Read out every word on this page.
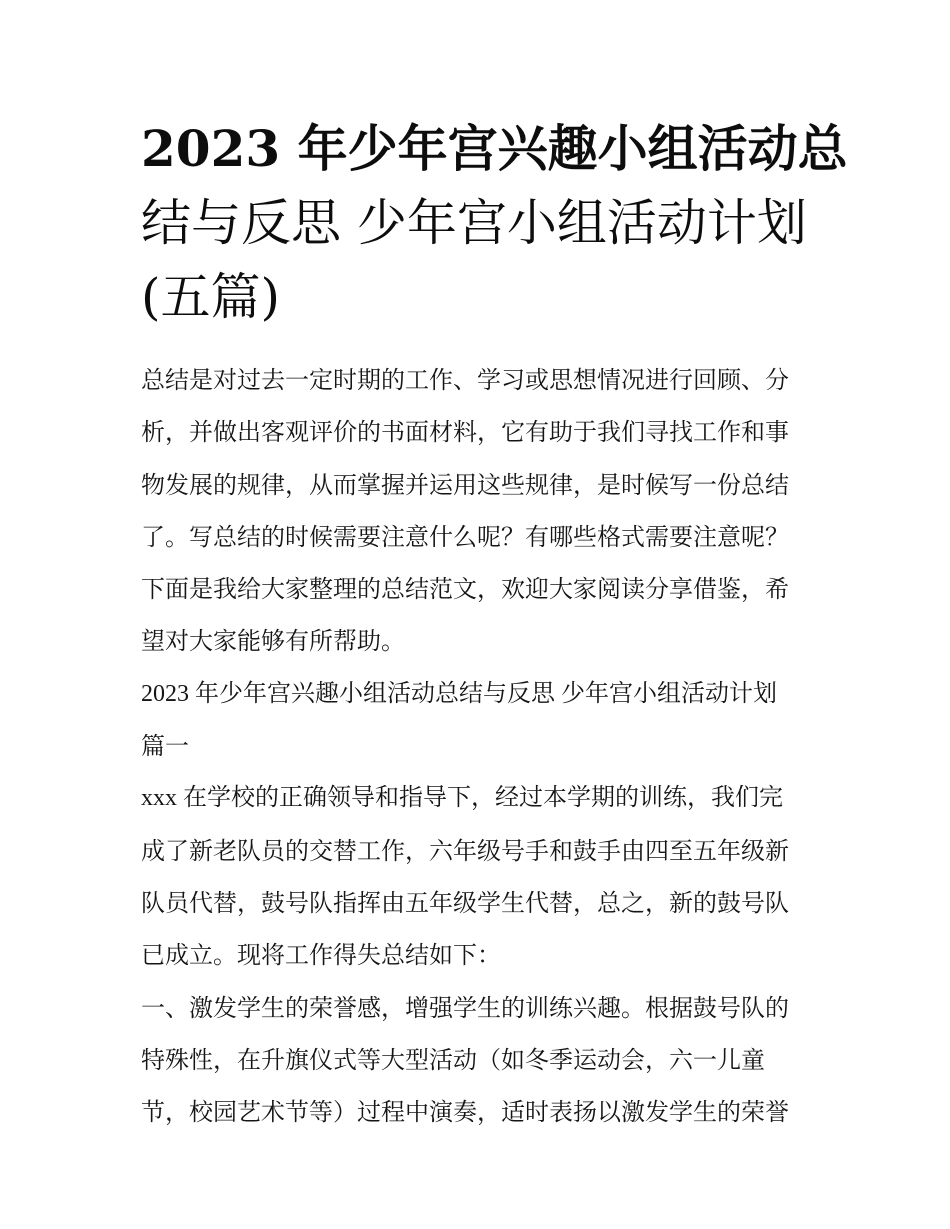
2023 年少年宫兴趣小组活动总
结与反思 少年宫小组活动计划
(五篇)
总结是对过去一定时期的工作、学习或思想情况进行回顾、分
析，并做出客观评价的书面材料，它有助于我们寻找工作和事
物发展的规律，从而掌握并运用这些规律，是时候写一份总结
了。写总结的时候需要注意什么呢？有哪些格式需要注意呢？
下面是我给大家整理的总结范文，欢迎大家阅读分享借鉴，希
望对大家能够有所帮助。
2023 年少年宫兴趣小组活动总结与反思 少年宫小组活动计划
篇一
xxx 在学校的正确领导和指导下，经过本学期的训练，我们完
成了新老队员的交替工作，六年级号手和鼓手由四至五年级新
队员代替，鼓号队指挥由五年级学生代替，总之，新的鼓号队
已成立。现将工作得失总结如下：
一、激发学生的荣誉感，增强学生的训练兴趣。根据鼓号队的
特殊性，在升旗仪式等大型活动（如冬季运动会，六一儿童
节，校园艺术节等）过程中演奏，适时表扬以激发学生的荣誉
